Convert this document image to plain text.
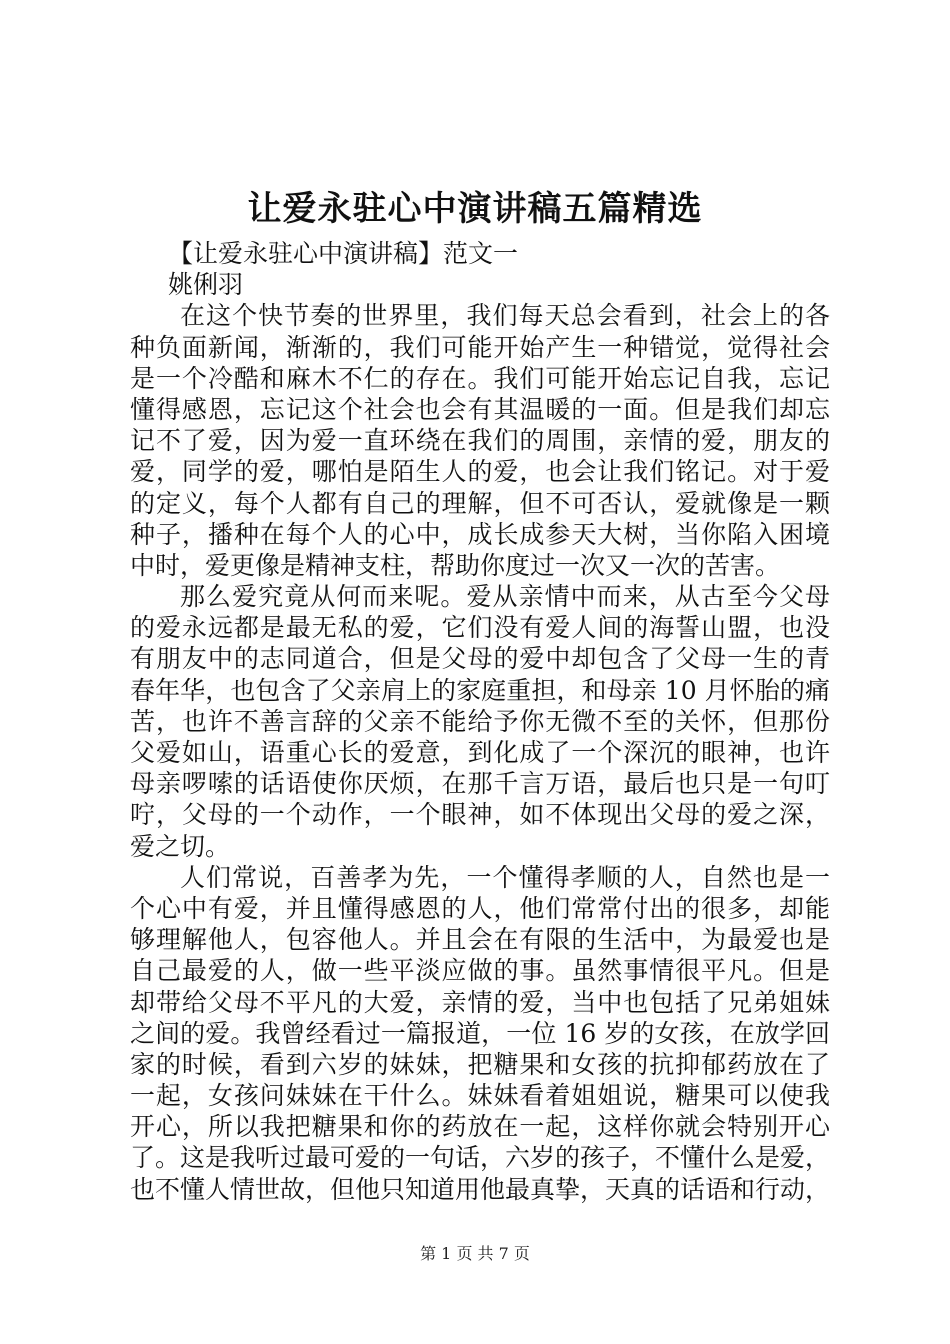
让爱永驻心中演讲稿五篇精选
【让爱永驻心中演讲稿】范文一
姚俐羽
在这个快节奏的世界里，我们每天总会看到，社会上的各
种负面新闻，渐渐的，我们可能开始产生一种错觉，觉得社会
是一个冷酷和麻木不仁的存在。我们可能开始忘记自我，忘记
懂得感恩，忘记这个社会也会有其温暖的一面。但是我们却忘
记不了爱，因为爱一直环绕在我们的周围，亲情的爱，朋友的
爱，同学的爱，哪怕是陌生人的爱，也会让我们铭记。对于爱
的定义，每个人都有自己的理解，但不可否认，爱就像是一颗
种子，播种在每个人的心中，成长成参天大树，当你陷入困境
中时，爱更像是精神支柱，帮助你度过一次又一次的苦害。
那么爱究竟从何而来呢。爱从亲情中而来，从古至今父母
的爱永远都是最无私的爱，它们没有爱人间的海誓山盟，也没
有朋友中的志同道合，但是父母的爱中却包含了父母一生的青
春年华，也包含了父亲肩上的家庭重担，和母亲 10 月怀胎的痛
苦，也许不善言辞的父亲不能给予你无微不至的关怀，但那份
父爱如山，语重心长的爱意，到化成了一个深沉的眼神，也许
母亲啰嗦的话语使你厌烦，在那千言万语，最后也只是一句叮
咛，父母的一个动作，一个眼神，如不体现出父母的爱之深，
爱之切。
人们常说，百善孝为先，一个懂得孝顺的人，自然也是一
个心中有爱，并且懂得感恩的人，他们常常付出的很多，却能
够理解他人，包容他人。并且会在有限的生活中，为最爱也是
自己最爱的人，做一些平淡应做的事。虽然事情很平凡。但是
却带给父母不平凡的大爱，亲情的爱，当中也包括了兄弟姐妹
之间的爱。我曾经看过一篇报道，一位 16 岁的女孩，在放学回
家的时候，看到六岁的妹妹，把糖果和女孩的抗抑郁药放在了
一起，女孩问妹妹在干什么。妹妹看着姐姐说，糖果可以使我
开心，所以我把糖果和你的药放在一起，这样你就会特别开心
了。这是我听过最可爱的一句话，六岁的孩子，不懂什么是爱，
也不懂人情世故，但他只知道用他最真挚，天真的话语和行动，
第 1 页 共 7 页
